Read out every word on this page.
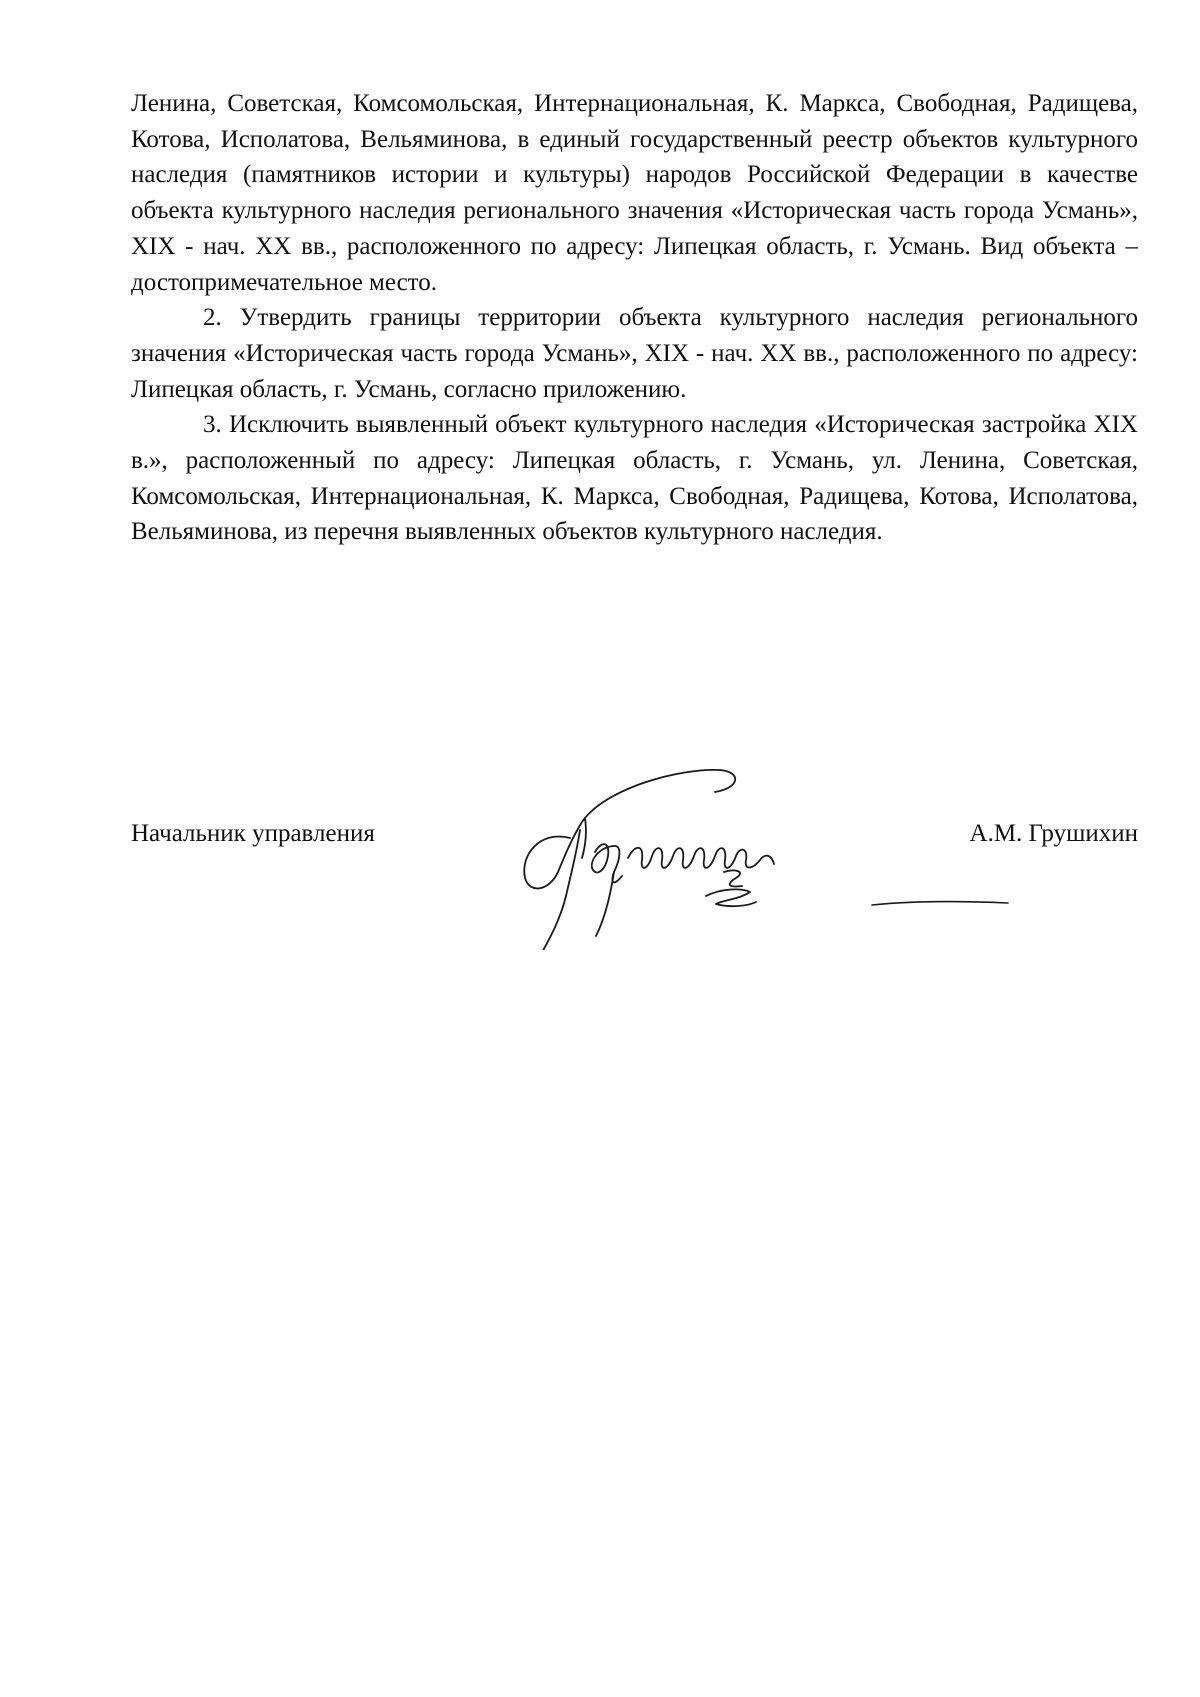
Ленина, Советская, Комсомольская, Интернациональная, К. Маркса, Свободная, Радищева, Котова, Исполатова, Вельяминова, в единый государственный реестр объектов культурного наследия (памятников истории и культуры) народов Российской Федерации в качестве объекта культурного наследия регионального значения «Историческая часть города Усмань», XIX - нач. XX вв., расположенного по адресу: Липецкая область, г. Усмань. Вид объекта – достопримечательное место.

2. Утвердить границы территории объекта культурного наследия регионального значения «Историческая часть города Усмань», XIX - нач. XX вв., расположенного по адресу: Липецкая область, г. Усмань, согласно приложению.

3. Исключить выявленный объект культурного наследия «Историческая застройка XIX в.», расположенный по адресу: Липецкая область, г. Усмань, ул. Ленина, Советская, Комсомольская, Интернациональная, К. Маркса, Свободная, Радищева, Котова, Исполатова, Вельяминова, из перечня выявленных объектов культурного наследия.

Начальник управления	А.М. Грушихин
